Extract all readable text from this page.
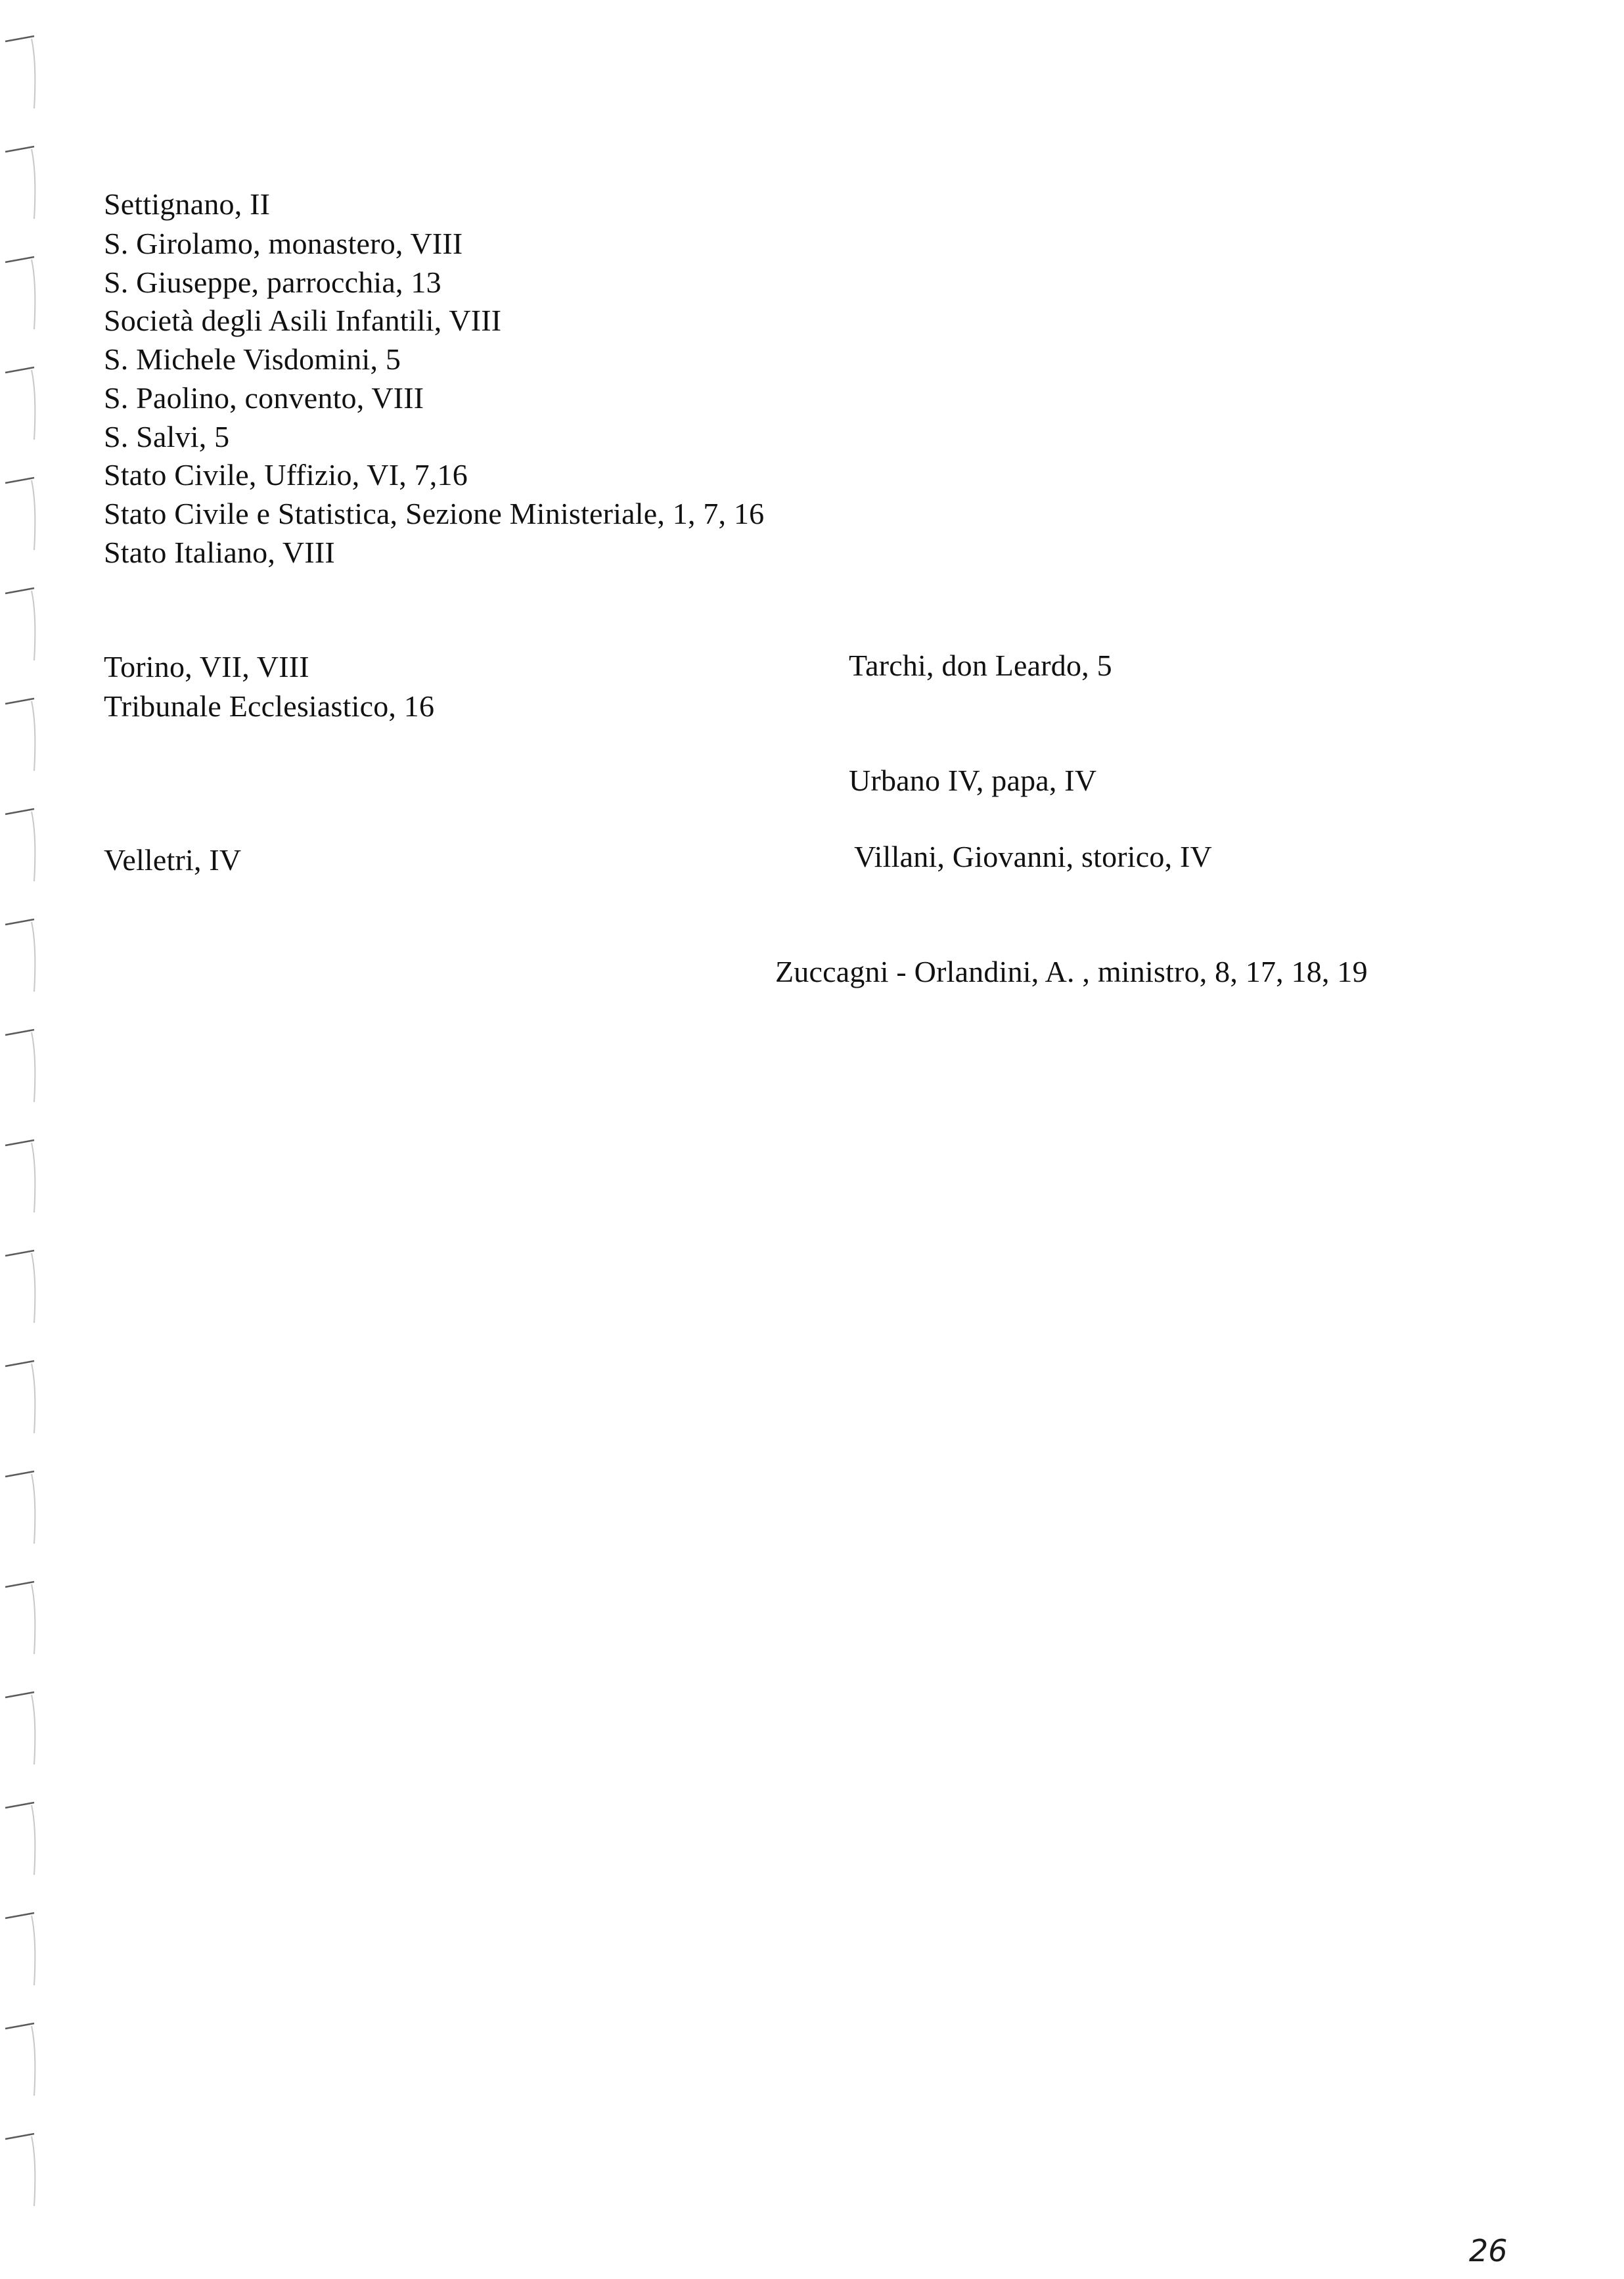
Settignano, II
S. Girolamo, monastero, VIII
S. Giuseppe, parrocchia, 13
Società degli Asili Infantili, VIII
S. Michele Visdomini, 5
S. Paolino, convento, VIII
S. Salvi, 5
Stato Civile, Uffizio, VI, 7,16
Stato Civile e Statistica, Sezione Ministeriale, 1, 7, 16
Stato Italiano, VIII
Torino, VII, VIII
Tribunale Ecclesiastico, 16
Velletri, IV
Tarchi, don Leardo, 5
Urbano IV, papa, IV
Villani, Giovanni, storico, IV
Zuccagni - Orlandini, A. , ministro, 8, 17, 18, 19
26
